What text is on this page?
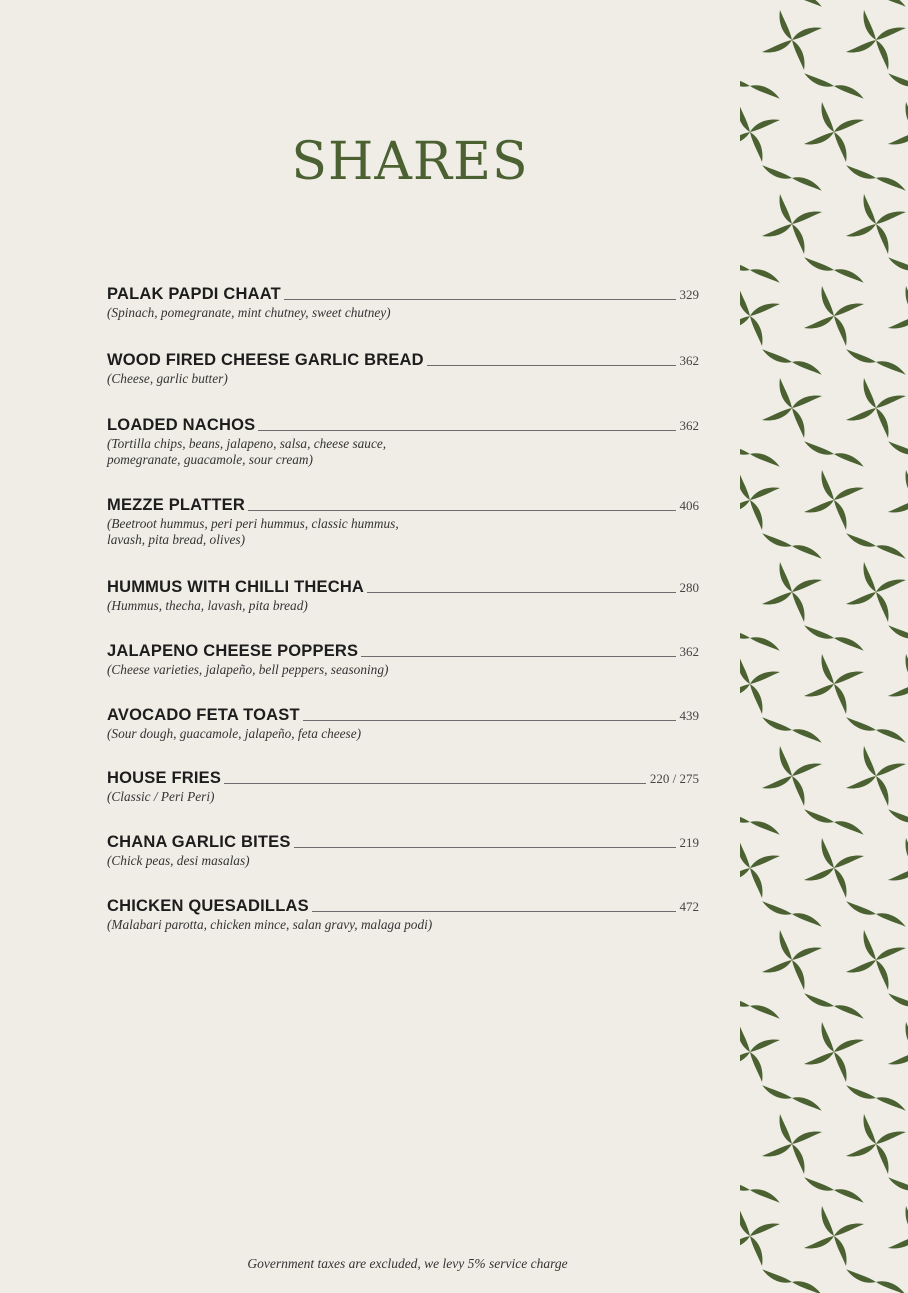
SHARES
PALAK PAPDI CHAAT	329
(Spinach, pomegranate, mint chutney, sweet chutney)
WOOD FIRED CHEESE GARLIC BREAD	362
(Cheese, garlic butter)
LOADED NACHOS	362
(Tortilla chips, beans, jalapeno, salsa, cheese sauce,
pomegranate, guacamole, sour cream)
MEZZE PLATTER	406
(Beetroot hummus, peri peri hummus, classic hummus,
lavash, pita bread, olives)
HUMMUS WITH CHILLI THECHA	280
(Hummus, thecha, lavash, pita bread)
JALAPENO CHEESE POPPERS	362
(Cheese varieties, jalapeño, bell peppers, seasoning)
AVOCADO FETA TOAST	439
(Sour dough, guacamole, jalapeño, feta cheese)
HOUSE FRIES	220 / 275
(Classic / Peri Peri)
CHANA GARLIC BITES	219
(Chick peas, desi masalas)
CHICKEN QUESADILLAS	472
(Malabari parotta, chicken mince, salan gravy, malaga podi)
Government taxes are excluded, we levy 5% service charge
